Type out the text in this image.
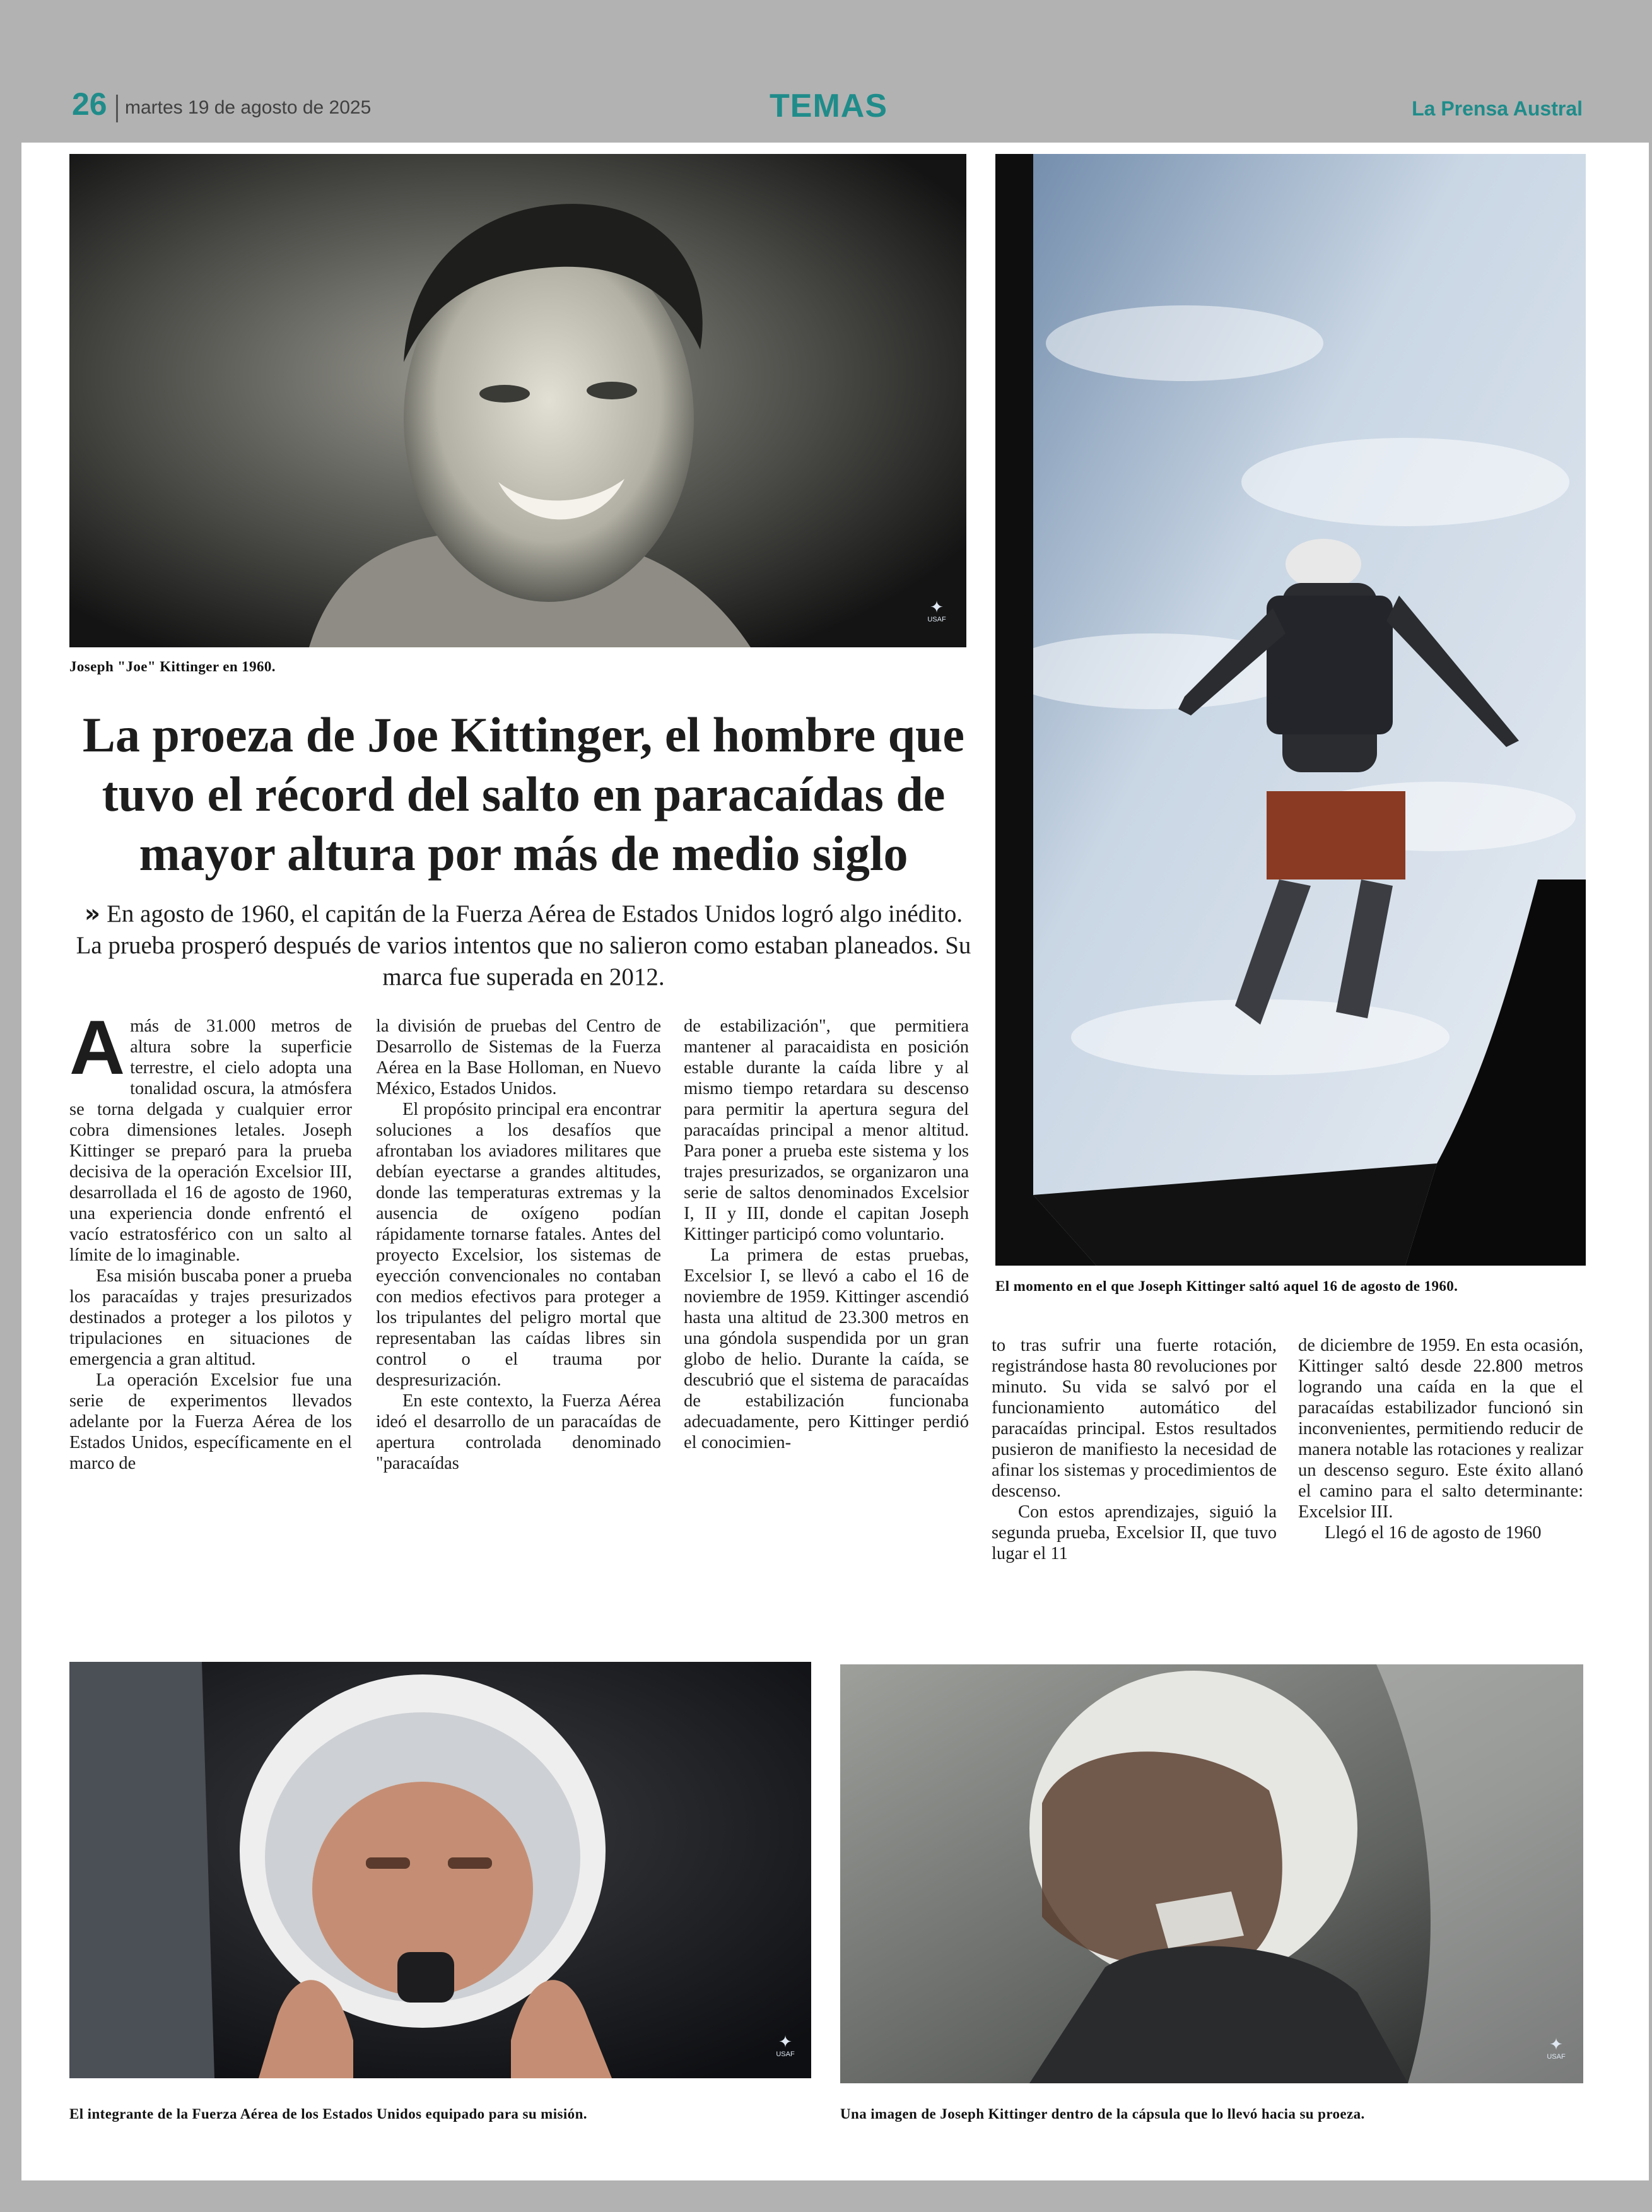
26 martes 19 de agosto de 2025	TEMAS	La Prensa Austral
✦
USAF
Joseph "Joe" Kittinger en 1960.
El momento en el que Joseph Kittinger saltó aquel 16 de agosto de 1960.
La proeza de Joe Kittinger, el hombre que tuvo el récord del salto en paracaídas de mayor altura por más de medio siglo
» En agosto de 1960, el capitán de la Fuerza Aérea de Estados Unidos logró algo inédito. La prueba prosperó después de varios intentos que no salieron como estaban planeados. Su marca fue superada en 2012.

A más de 31.000 metros de altura sobre la superficie terrestre, el cielo adopta una tonalidad oscura, la atmósfera se torna delgada y cualquier error cobra dimensiones letales. Joseph Kittinger se preparó para la prueba decisiva de la operación Excelsior III, desarrollada el 16 de agosto de 1960, una experiencia donde enfrentó el vacío estratosférico con un salto al límite de lo imaginable.

Esa misión buscaba poner a prueba los paracaídas y trajes presurizados destinados a proteger a los pilotos y tripulaciones en situaciones de emergencia a gran altitud.

La operación Excelsior fue una serie de experimentos llevados adelante por la Fuerza Aérea de los Estados Unidos, específicamente en el marco de

la división de pruebas del Centro de Desarrollo de Sistemas de la Fuerza Aérea en la Base Holloman, en Nuevo México, Estados Unidos.

El propósito principal era encontrar soluciones a los desafíos que afrontaban los aviadores militares que debían eyectarse a grandes altitudes, donde las temperaturas extremas y la ausencia de oxígeno podían rápidamente tornarse fatales. Antes del proyecto Excelsior, los sistemas de eyección convencionales no contaban con medios efectivos para proteger a los tripulantes del peligro mortal que representaban las caídas libres sin control o el trauma por despresurización.

En este contexto, la Fuerza Aérea ideó el desarrollo de un paracaídas de apertura controlada denominado "paracaídas

de estabilización", que permitiera mantener al paracaidista en posición estable durante la caída libre y al mismo tiempo retardara su descenso para permitir la apertura segura del paracaídas principal a menor altitud. Para poner a prueba este sistema y los trajes presurizados, se organizaron una serie de saltos denominados Excelsior I, II y III, donde el capitan Joseph Kittinger participó como voluntario.

La primera de estas pruebas, Excelsior I, se llevó a cabo el 16 de noviembre de 1959. Kittinger ascendió hasta una altitud de 23.300 metros en una góndola suspendida por un gran globo de helio. Durante la caída, se descubrió que el sistema de paracaídas de estabilización funcionaba adecuadamente, pero Kittinger perdió el conocimien-

to tras sufrir una fuerte rotación, registrándose hasta 80 revoluciones por minuto. Su vida se salvó por el funcionamiento automático del paracaídas principal. Estos resultados pusieron de manifiesto la necesidad de afinar los sistemas y procedimientos de descenso.

Con estos aprendizajes, siguió la segunda prueba, Excelsior II, que tuvo lugar el 11

de diciembre de 1959. En esta ocasión, Kittinger saltó desde 22.800 metros logrando una caída en la que el paracaídas estabilizador funcionó sin inconvenientes, permitiendo reducir de manera notable las rotaciones y realizar un descenso seguro. Este éxito allanó el camino para el salto determinante: Excelsior III.

Llegó el 16 de agosto de 1960

✦
USAF
El integrante de la Fuerza Aérea de los Estados Unidos equipado para su misión.
✦
USAF
Una imagen de Joseph Kittinger dentro de la cápsula que lo llevó hacia su proeza.
